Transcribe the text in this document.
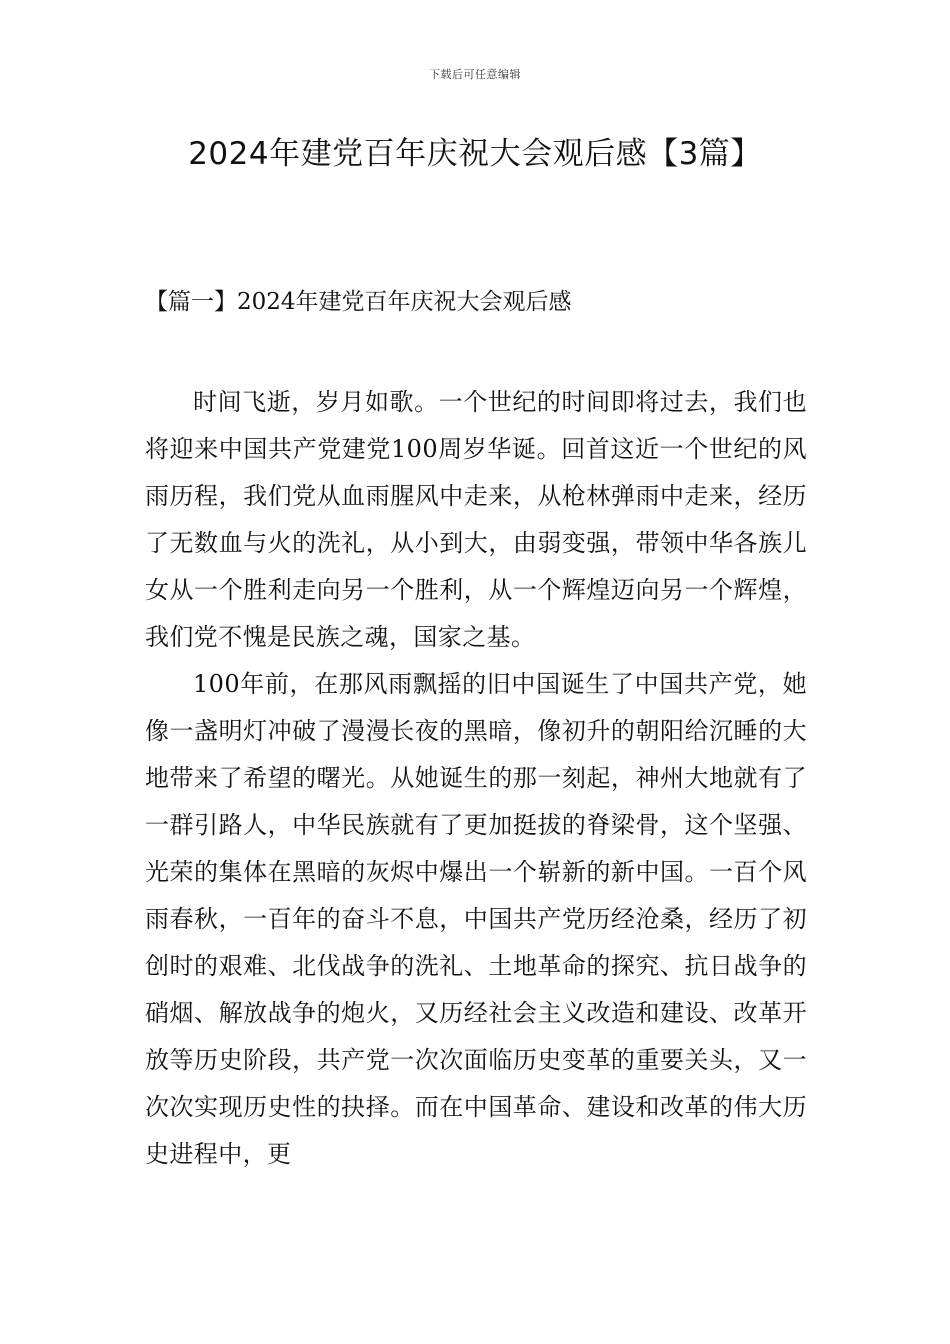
下载后可任意编辑
2024年建党百年庆祝大会观后感【3篇】
【篇一】2024年建党百年庆祝大会观后感

时间飞逝，岁月如歌。一个世纪的时间即将过去，我们也将迎来中国共产党建党100周岁华诞。回首这近一个世纪的风雨历程，我们党从血雨腥风中走来，从枪林弹雨中走来，经历了无数血与火的洗礼，从小到大，由弱变强，带领中华各族儿女从一个胜利走向另一个胜利，从一个辉煌迈向另一个辉煌，我们党不愧是民族之魂，国家之基。

100年前，在那风雨飘摇的旧中国诞生了中国共产党，她像一盏明灯冲破了漫漫长夜的黑暗，像初升的朝阳给沉睡的大地带来了希望的曙光。从她诞生的那一刻起，神州大地就有了一群引路人，中华民族就有了更加挺拔的脊梁骨，这个坚强、光荣的集体在黑暗的灰烬中爆出一个崭新的新中国。一百个风雨春秋，一百年的奋斗不息，中国共产党历经沧桑，经历了初创时的艰难、北伐战争的洗礼、土地革命的探究、抗日战争的硝烟、解放战争的炮火，又历经社会主义改造和建设、改革开放等历史阶段，共产党一次次面临历史变革的重要关头，又一次次实现历史性的抉择。而在中国革命、建设和改革的伟大历史进程中，更
